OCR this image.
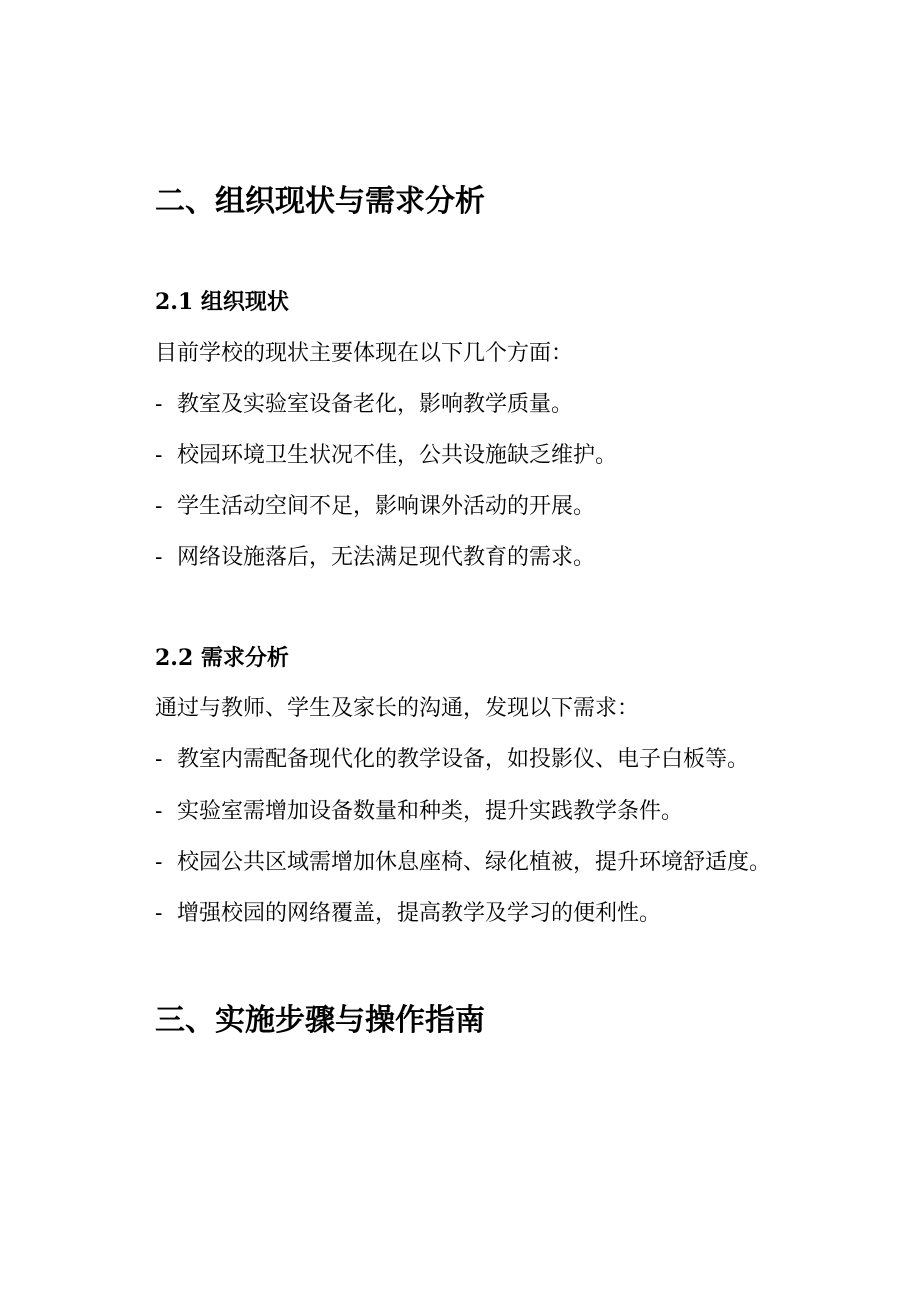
二、组织现状与需求分析
2.1 组织现状

目前学校的现状主要体现在以下几个方面：

- 教室及实验室设备老化，影响教学质量。
- 校园环境卫生状况不佳，公共设施缺乏维护。
- 学生活动空间不足，影响课外活动的开展。
- 网络设施落后，无法满足现代教育的需求。
2.2 需求分析

通过与教师、学生及家长的沟通，发现以下需求：

- 教室内需配备现代化的教学设备，如投影仪、电子白板等。
- 实验室需增加设备数量和种类，提升实践教学条件。
- 校园公共区域需增加休息座椅、绿化植被，提升环境舒适度。
- 增强校园的网络覆盖，提高教学及学习的便利性。
三、实施步骤与操作指南
